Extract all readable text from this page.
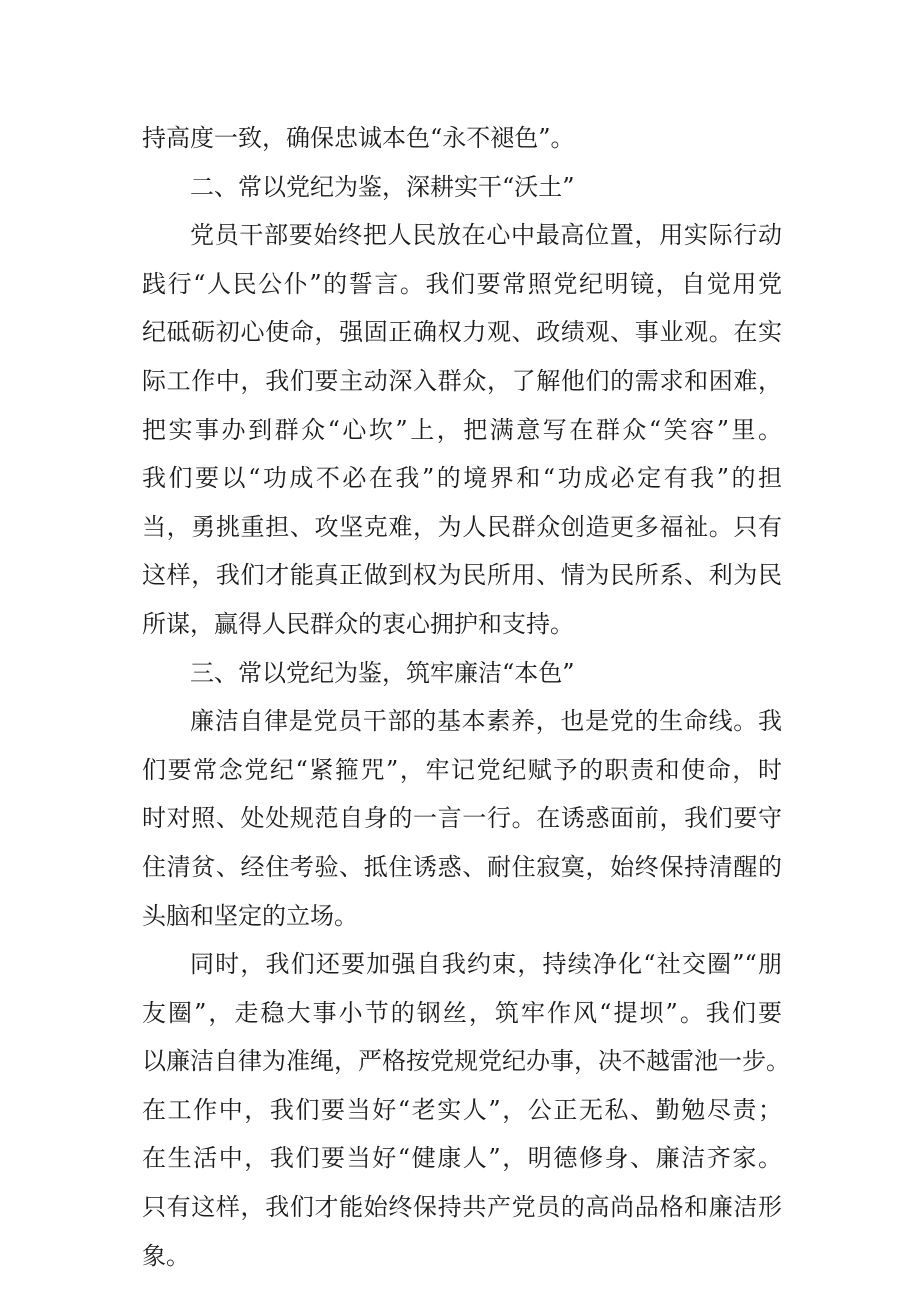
持高度一致，确保忠诚本色“永不褪色”。
二、常以党纪为鉴，深耕实干“沃土”
党员干部要始终把人民放在心中最高位置，用实际行动
践行“人民公仆”的誓言。我们要常照党纪明镜，自觉用党
纪砥砺初心使命，强固正确权力观、政绩观、事业观。在实
际工作中，我们要主动深入群众，了解他们的需求和困难，
把实事办到群众“心坎”上，把满意写在群众“笑容”里。
我们要以“功成不必在我”的境界和“功成必定有我”的担
当，勇挑重担、攻坚克难，为人民群众创造更多福祉。只有
这样，我们才能真正做到权为民所用、情为民所系、利为民
所谋，赢得人民群众的衷心拥护和支持。
三、常以党纪为鉴，筑牢廉洁“本色”
廉洁自律是党员干部的基本素养，也是党的生命线。我
们要常念党纪“紧箍咒”，牢记党纪赋予的职责和使命，时
时对照、处处规范自身的一言一行。在诱惑面前，我们要守
住清贫、经住考验、抵住诱惑、耐住寂寞，始终保持清醒的
头脑和坚定的立场。
同时，我们还要加强自我约束，持续净化“社交圈”“朋
友圈”，走稳大事小节的钢丝，筑牢作风“提坝”。我们要
以廉洁自律为准绳，严格按党规党纪办事，决不越雷池一步。
在工作中，我们要当好“老实人”，公正无私、勤勉尽责；
在生活中，我们要当好“健康人”，明德修身、廉洁齐家。
只有这样，我们才能始终保持共产党员的高尚品格和廉洁形
象。
